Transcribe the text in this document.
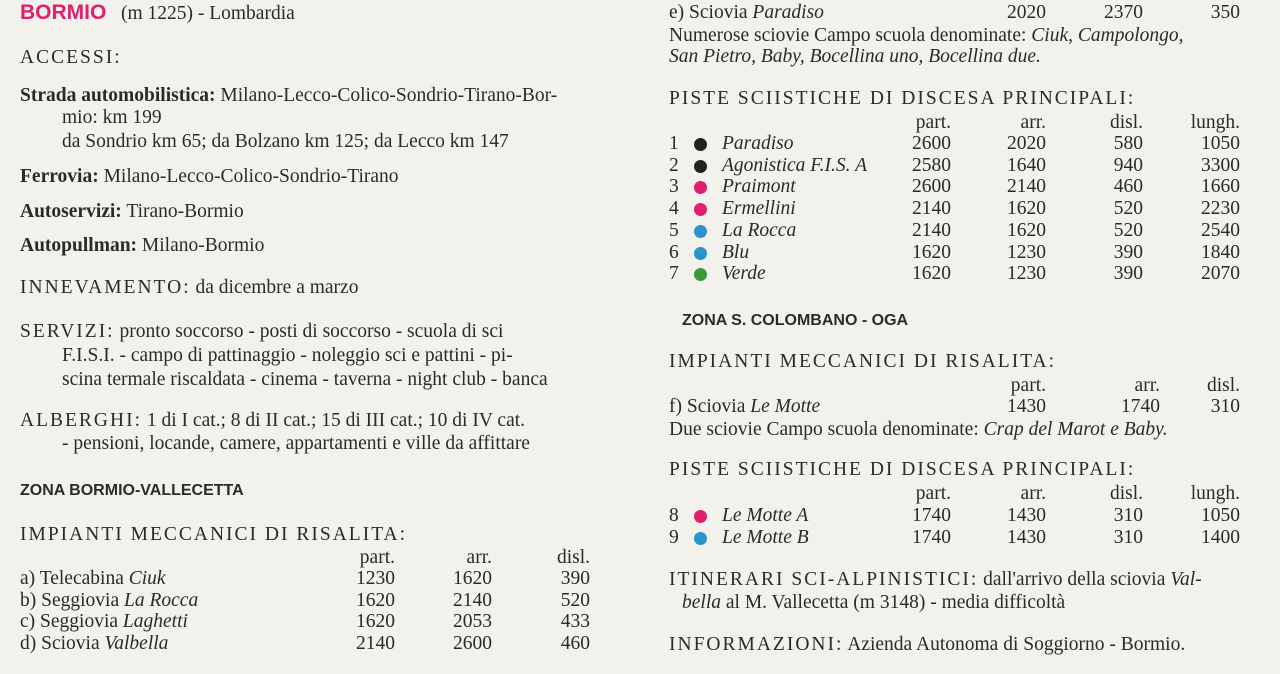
BORMIO (m 1225) - Lombardia
ACCESSI:
Strada automobilistica: Milano-Lecco-Colico-Sondrio-Tirano-Bor-
mio: km 199
da Sondrio km 65; da Bolzano km 125; da Lecco km 147
Ferrovia: Milano-Lecco-Colico-Sondrio-Tirano
Autoservizi: Tirano-Bormio
Autopullman: Milano-Bormio
INNEVAMENTO: da dicembre a marzo
SERVIZI: pronto soccorso - posti di soccorso - scuola di sci
F.I.S.I. - campo di pattinaggio - noleggio sci e pattini - pi-
scina termale riscaldata - cinema - taverna - night club - banca
ALBERGHI: 1 di I cat.; 8 di II cat.; 15 di III cat.; 10 di IV cat.
- pensioni, locande, camere, appartamenti e ville da affittare
ZONA BORMIO-VALLECETTA
IMPIANTI MECCANICI DI RISALITA:
part.	arr.	disl.
a) Telecabina Ciuk	1230	1620	390
b) Seggiovia La Rocca	1620	2140	520
c) Seggiovia Laghetti	1620	2053	433
d) Sciovia Valbella	2140	2600	460
e) Sciovia Paradiso	2020	2370	350
Numerose sciovie Campo scuola denominate: Ciuk, Campolongo,
San Pietro, Baby, Bocellina uno, Bocellina due.
PISTE SCIISTICHE DI DISCESA PRINCIPALI:
part.	arr.	disl. lungh.
1 Paradiso	2600	2020	580	1050
2 Agonistica F.I.S. A 2580	1640	940	3300
3 Praimont	2600	2140	460	1660
4 Ermellini	2140	1620	520	2230
5 La Rocca	2140	1620	520	2540
6 Blu	1620	1230	390	1840
7 Verde	1620	1230	390	2070
ZONA S. COLOMBANO - OGA
IMPIANTI MECCANICI DI RISALITA:
part.	arr. disl.
f) Sciovia Le Motte	1430	1740	310
Due sciovie Campo scuola denominate: Crap del Marot e Baby.
PISTE SCIISTICHE DI DISCESA PRINCIPALI:
part.	arr.	disl. lungh.
8 Le Motte A	1740	1430	310	1050
9 Le Motte B	1740	1430	310	1400
ITINERARI SCI-ALPINISTICI: dall'arrivo della sciovia Val-
bella al M. Vallecetta (m 3148) - media difficoltà
INFORMAZIONI: Azienda Autonoma di Soggiorno - Bormio.
